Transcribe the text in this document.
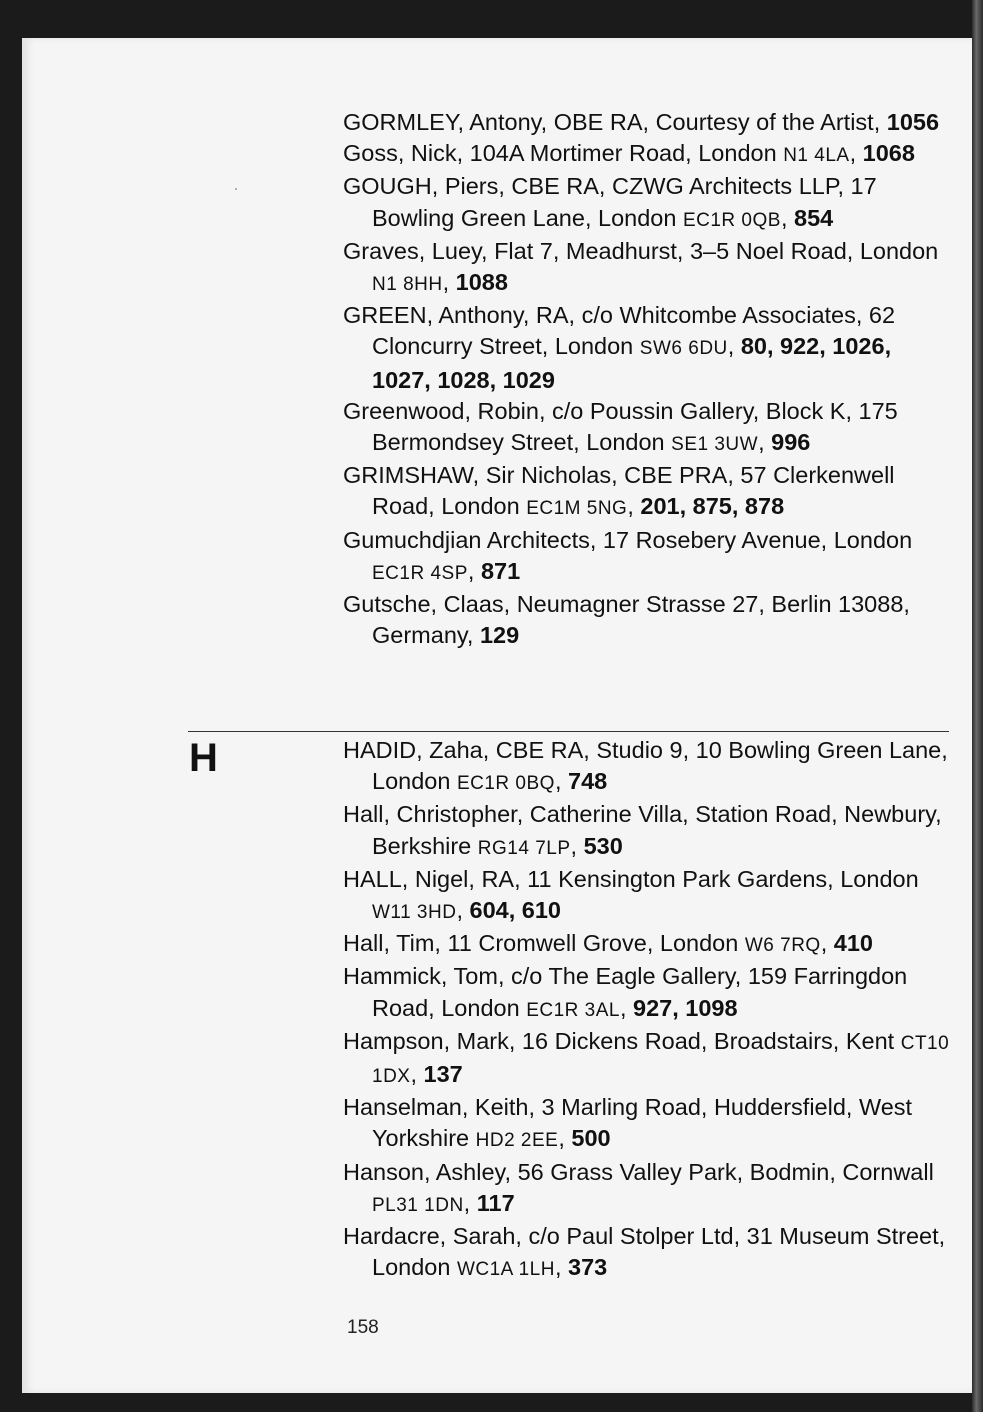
GORMLEY, Antony, OBE RA, Courtesy of the Artist, 1056
Goss, Nick, 104A Mortimer Road, London N1 4LA, 1068
GOUGH, Piers, CBE RA, CZWG Architects LLP, 17 Bowling Green Lane, London EC1R 0QB, 854
Graves, Luey, Flat 7, Meadhurst, 3–5 Noel Road, London N1 8HH, 1088
GREEN, Anthony, RA, c/o Whitcombe Associates, 62 Cloncurry Street, London SW6 6DU, 80, 922, 1026, 1027, 1028, 1029
Greenwood, Robin, c/o Poussin Gallery, Block K, 175 Bermondsey Street, London SE1 3UW, 996
GRIMSHAW, Sir Nicholas, CBE PRA, 57 Clerkenwell Road, London EC1M 5NG, 201, 875, 878
Gumuchdjian Architects, 17 Rosebery Avenue, London EC1R 4SP, 871
Gutsche, Claas, Neumagner Strasse 27, Berlin 13088, Germany, 129
H	HADID, Zaha, CBE RA, Studio 9, 10 Bowling Green Lane, London EC1R 0BQ, 748
Hall, Christopher, Catherine Villa, Station Road, Newbury, Berkshire RG14 7LP, 530
HALL, Nigel, RA, 11 Kensington Park Gardens, London W11 3HD, 604, 610
Hall, Tim, 11 Cromwell Grove, London W6 7RQ, 410
Hammick, Tom, c/o The Eagle Gallery, 159 Farringdon Road, London EC1R 3AL, 927, 1098
Hampson, Mark, 16 Dickens Road, Broadstairs, Kent CT10 1DX, 137
Hanselman, Keith, 3 Marling Road, Huddersfield, West Yorkshire HD2 2EE, 500
Hanson, Ashley, 56 Grass Valley Park, Bodmin, Cornwall PL31 1DN, 117
Hardacre, Sarah, c/o Paul Stolper Ltd, 31 Museum Street, London WC1A 1LH, 373
158
